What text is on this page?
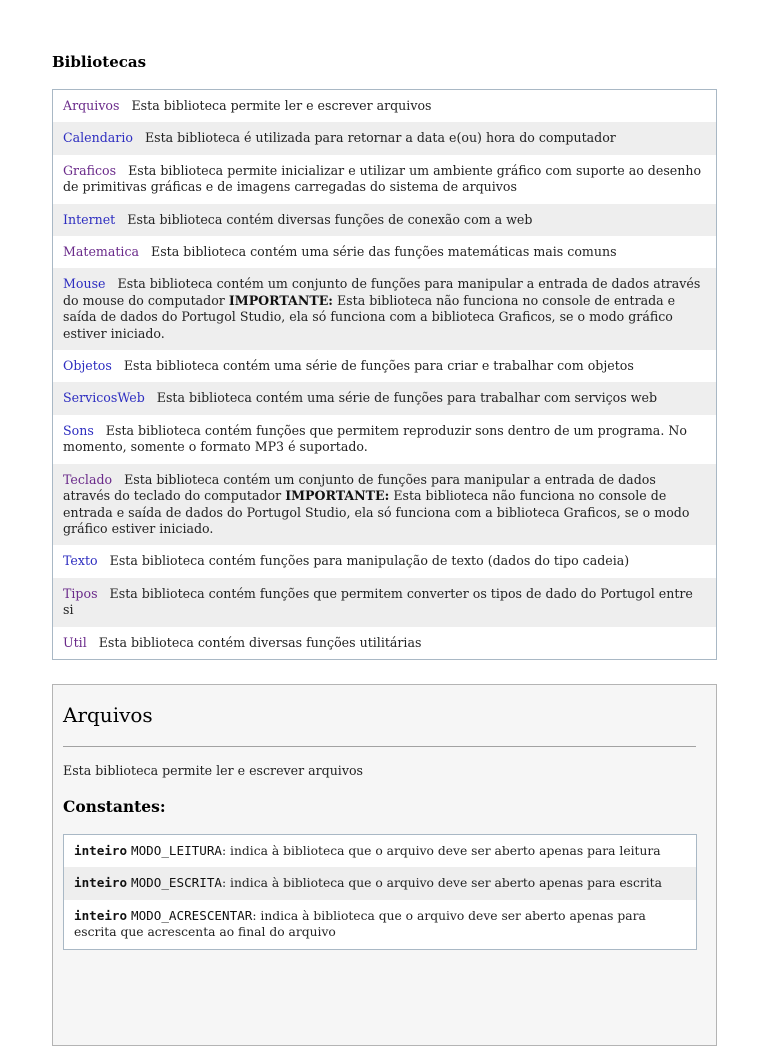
Bibliotecas
Arquivos Esta biblioteca permite ler e escrever arquivos
Calendario Esta biblioteca é utilizada para retornar a data e(ou) hora do computador
Graficos Esta biblioteca permite inicializar e utilizar um ambiente gráfico com suporte ao desenho de primitivas gráficas e de imagens carregadas do sistema de arquivos
Internet Esta biblioteca contém diversas funções de conexão com a web
Matematica Esta biblioteca contém uma série das funções matemáticas mais comuns
Mouse Esta biblioteca contém um conjunto de funções para manipular a entrada de dados através do mouse do computador IMPORTANTE: Esta biblioteca não funciona no console de entrada e saída de dados do Portugol Studio, ela só funciona com a biblioteca Graficos, se o modo gráfico estiver iniciado.
Objetos Esta biblioteca contém uma série de funções para criar e trabalhar com objetos
ServicosWeb Esta biblioteca contém uma série de funções para trabalhar com serviços web
Sons Esta biblioteca contém funções que permitem reproduzir sons dentro de um programa. No momento, somente o formato MP3 é suportado.
Teclado Esta biblioteca contém um conjunto de funções para manipular a entrada de dados através do teclado do computador IMPORTANTE: Esta biblioteca não funciona no console de entrada e saída de dados do Portugol Studio, ela só funciona com a biblioteca Graficos, se o modo gráfico estiver iniciado.
Texto Esta biblioteca contém funções para manipulação de texto (dados do tipo cadeia)
Tipos Esta biblioteca contém funções que permitem converter os tipos de dado do Portugol entre si
Util Esta biblioteca contém diversas funções utilitárias
Arquivos
Esta biblioteca permite ler e escrever arquivos
Constantes:
inteiro MODO_LEITURA: indica à biblioteca que o arquivo deve ser aberto apenas para leitura
inteiro MODO_ESCRITA: indica à biblioteca que o arquivo deve ser aberto apenas para escrita
inteiro MODO_ACRESCENTAR: indica à biblioteca que o arquivo deve ser aberto apenas para escrita que acrescenta ao final do arquivo
